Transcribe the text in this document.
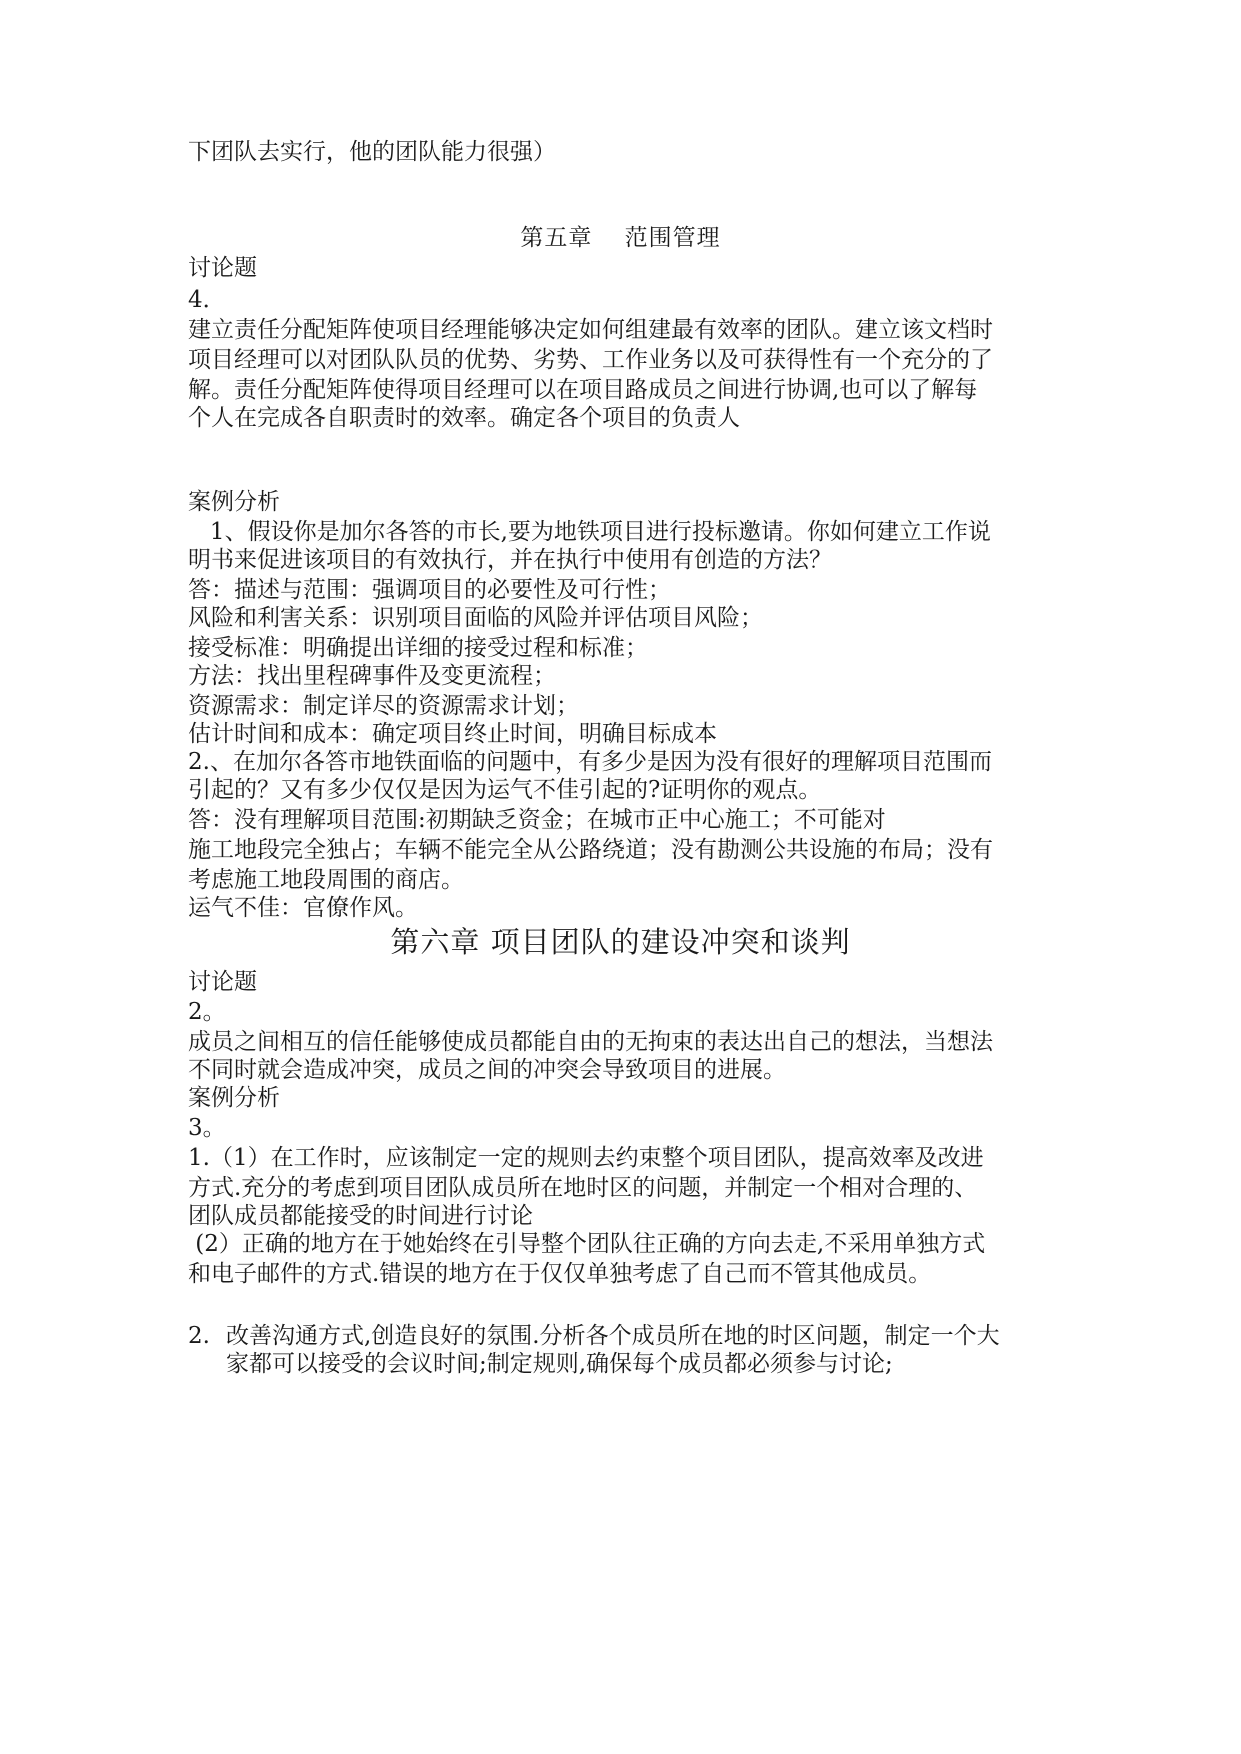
下团队去实行，他的团队能力很强）
第五章　 范围管理
讨论题
4．
建立责任分配矩阵使项目经理能够决定如何组建最有效率的团队。建立该文档时
项目经理可以对团队队员的优势、劣势、工作业务以及可获得性有一个充分的了
解。责任分配矩阵使得项目经理可以在项目路成员之间进行协调,也可以了解每
个人在完成各自职责时的效率。确定各个项目的负责人
案例分析
1、假设你是加尔各答的市长,要为地铁项目进行投标邀请。你如何建立工作说
明书来促进该项目的有效执行，并在执行中使用有创造的方法？
答：描述与范围：强调项目的必要性及可行性；
风险和利害关系：识别项目面临的风险并评估项目风险；
接受标准：明确提出详细的接受过程和标准；
方法：找出里程碑事件及变更流程；
资源需求：制定详尽的资源需求计划；
估计时间和成本：确定项目终止时间，明确目标成本
2.、在加尔各答市地铁面临的问题中，有多少是因为没有很好的理解项目范围而
引起的？又有多少仅仅是因为运气不佳引起的?证明你的观点。
答：没有理解项目范围:初期缺乏资金；在城市正中心施工；不可能对
施工地段完全独占；车辆不能完全从公路绕道；没有勘测公共设施的布局；没有
考虑施工地段周围的商店。
运气不佳：官僚作风。
第六章 项目团队的建设冲突和谈判
讨论题
2。
成员之间相互的信任能够使成员都能自由的无拘束的表达出自己的想法，当想法
不同时就会造成冲突，成员之间的冲突会导致项目的进展。
案例分析
3。
1.（1）在工作时，应该制定一定的规则去约束整个项目团队，提高效率及改进
方式.充分的考虑到项目团队成员所在地时区的问题，并制定一个相对合理的、
团队成员都能接受的时间进行讨论
(2）正确的地方在于她始终在引导整个团队往正确的方向去走,不采用单独方式
和电子邮件的方式.错误的地方在于仅仅单独考虑了自己而不管其他成员。
2. 改善沟通方式,创造良好的氛围.分析各个成员所在地的时区问题，制定一个大
家都可以接受的会议时间;制定规则,确保每个成员都必须参与讨论;
